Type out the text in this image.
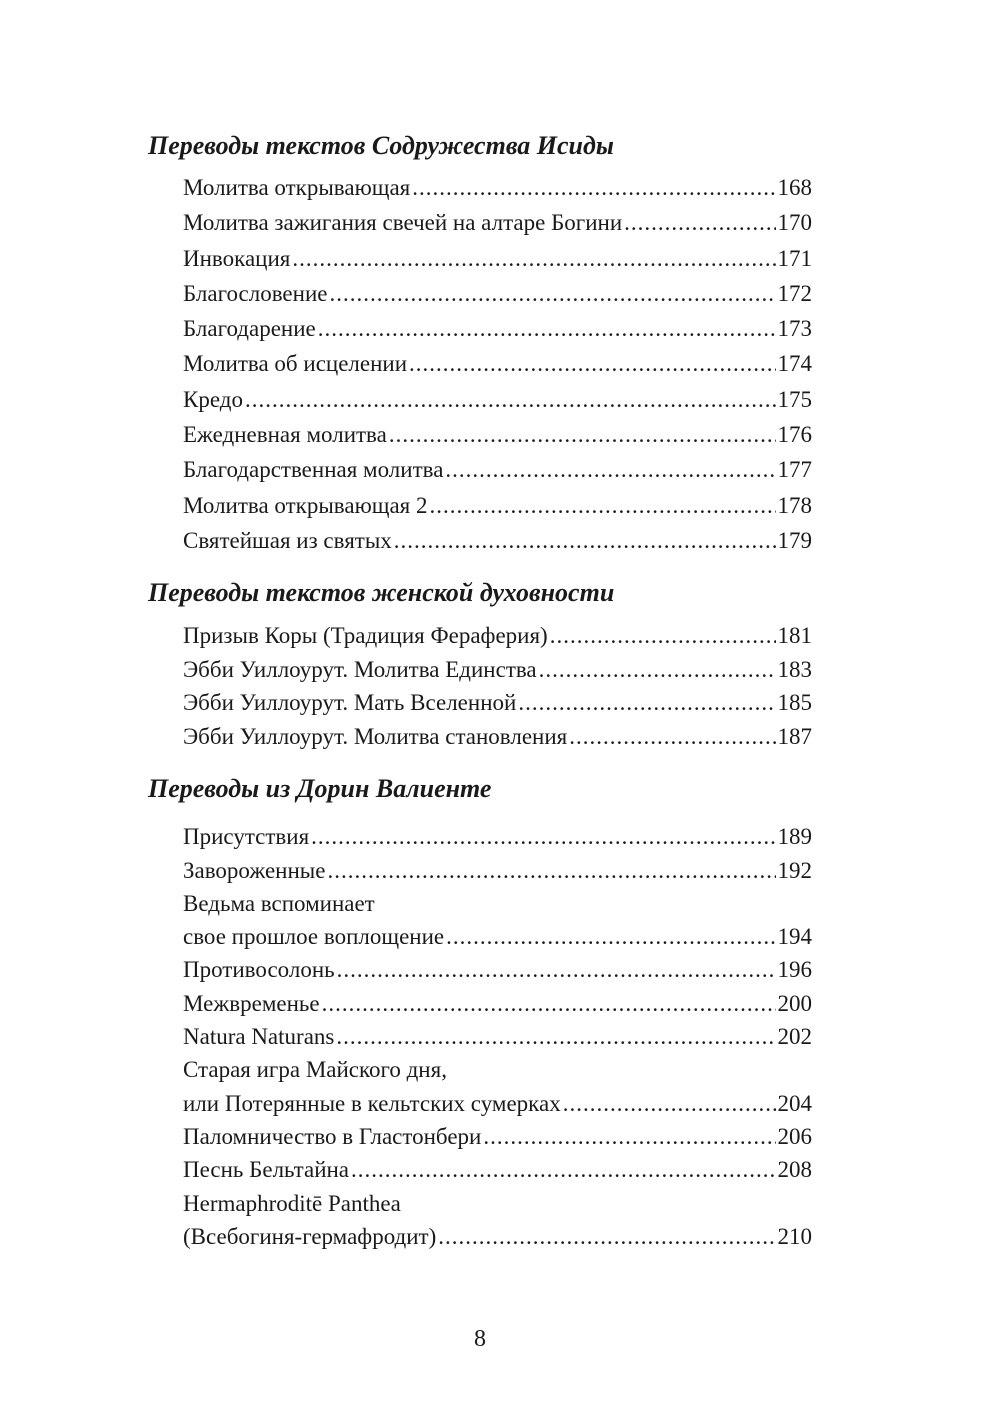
Переводы текстов Содружества Исиды
Молитва открывающая .....	168
Молитва зажигания свечей на алтаре Богини .....	170
Инвокация .....	171
Благословение .....	172
Благодарение .....	173
Молитва об исцелении .....	174
Кредо .....	175
Ежедневная молитва .....	176
Благодарственная молитва .....	177
Молитва открывающая 2 .....	178
Святейшая из святых .....	179
Переводы текстов женской духовности
Призыв Коры (Традиция Фераферия) .....	181
Эбби Уиллоурут. Молитва Единства .....	183
Эбби Уиллоурут. Мать Вселенной .....	185
Эбби Уиллоурут. Молитва становления .....	187
Переводы из Дорин Валиенте
Присутствия .....	189
Завороженные .....	192
Ведьма вспоминает
свое прошлое воплощение .....	194
Противосолонь .....	196
Межвременье .....	200
Natura Naturans .....	202
Старая игра Майского дня,
или Потерянные в кельтских сумерках .....	204
Паломничество в Гластонбери .....	206
Песнь Бельтайна .....	208
Hermaphroditē Panthea
(Всебогиня-гермафродит) .....	210
8
